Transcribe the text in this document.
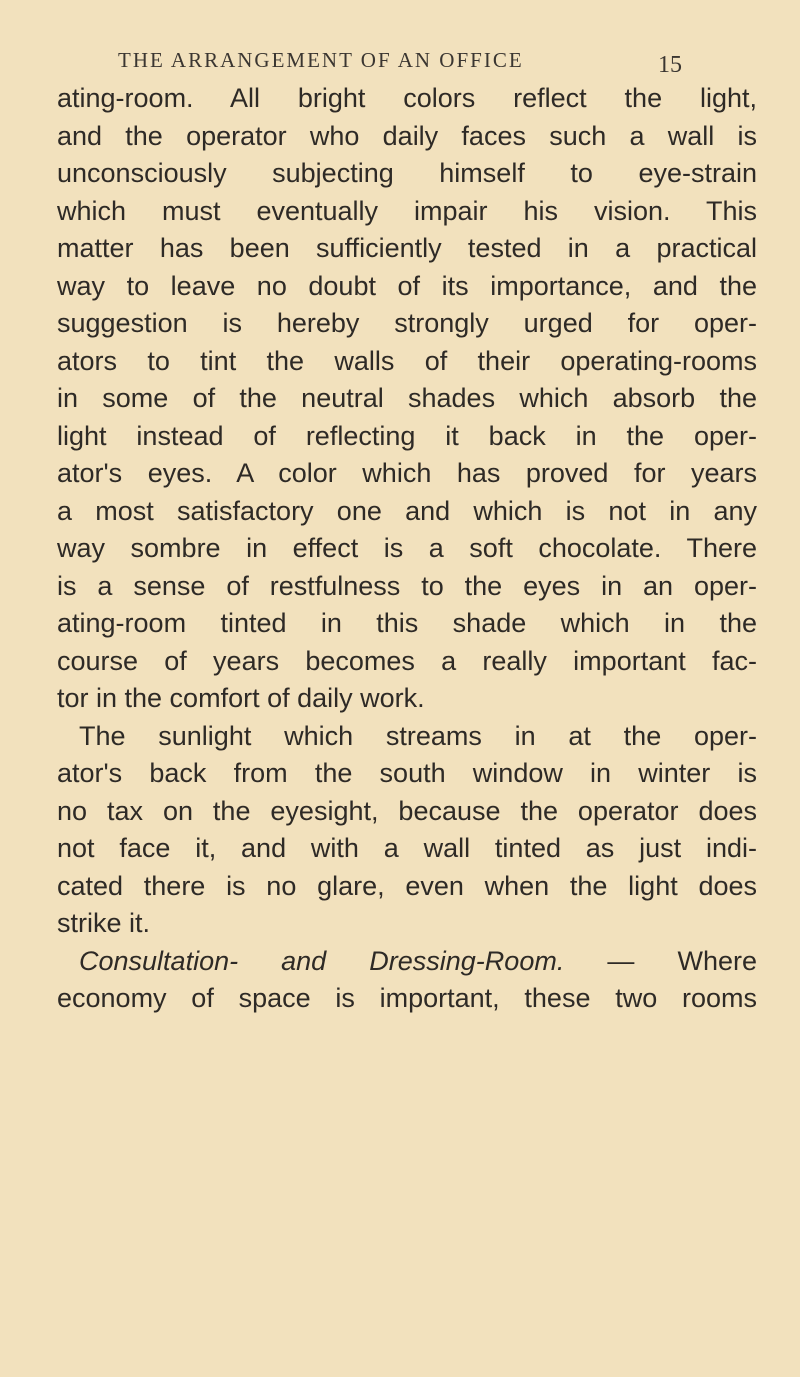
THE ARRANGEMENT OF AN OFFICE	15
ating-room. All bright colors reflect the light,
and the operator who daily faces such a wall is
unconsciously subjecting himself to eye-strain
which must eventually impair his vision. This
matter has been sufficiently tested in a practical
way to leave no doubt of its importance, and the
suggestion is hereby strongly urged for oper-
ators to tint the walls of their operating-rooms
in some of the neutral shades which absorb the
light instead of reflecting it back in the oper-
ator's eyes. A color which has proved for years
a most satisfactory one and which is not in any
way sombre in effect is a soft chocolate. There
is a sense of restfulness to the eyes in an oper-
ating-room tinted in this shade which in the
course of years becomes a really important fac-
tor in the comfort of daily work.
The sunlight which streams in at the oper-
ator's back from the south window in winter is
no tax on the eyesight, because the operator does
not face it, and with a wall tinted as just indi-
cated there is no glare, even when the light does
strike it.
Consultation- and Dressing-Room. — Where
economy of space is important, these two rooms
